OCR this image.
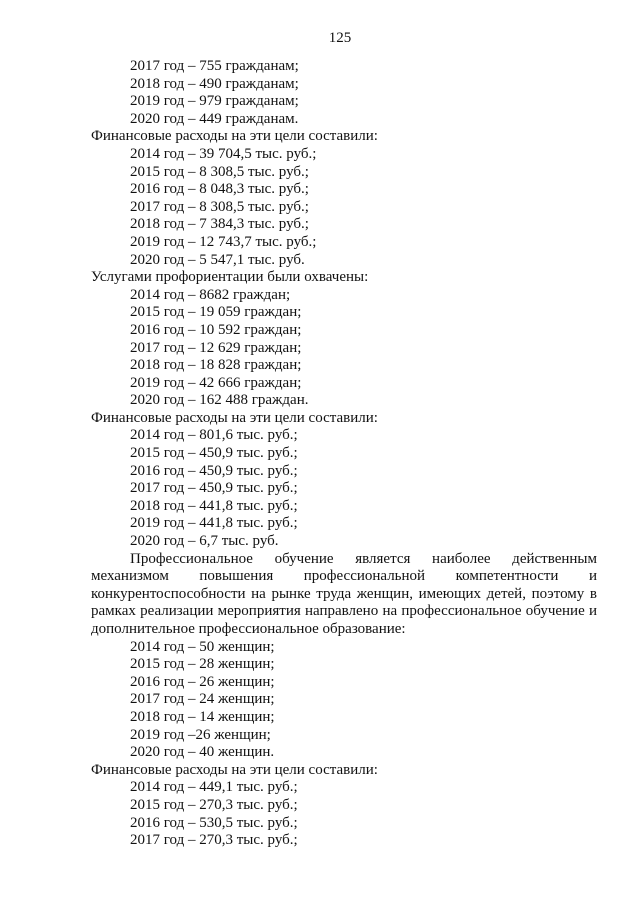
125
2017 год – 755 гражданам;
2018 год – 490 гражданам;
2019 год – 979 гражданам;
2020 год – 449 гражданам.
Финансовые расходы на эти цели составили:
2014 год – 39 704,5 тыс. руб.;
2015 год – 8 308,5 тыс. руб.;
2016 год – 8 048,3 тыс. руб.;
2017 год – 8 308,5 тыс. руб.;
2018 год – 7 384,3 тыс. руб.;
2019 год – 12 743,7 тыс. руб.;
2020 год – 5 547,1 тыс. руб.
Услугами профориентации были охвачены:
2014 год – 8682 граждан;
2015 год – 19 059 граждан;
2016 год – 10 592 граждан;
2017 год – 12 629 граждан;
2018 год – 18 828 граждан;
2019 год – 42 666 граждан;
2020 год – 162 488 граждан.
Финансовые расходы на эти цели составили:
2014 год – 801,6 тыс. руб.;
2015 год – 450,9 тыс. руб.;
2016 год – 450,9 тыс. руб.;
2017 год – 450,9 тыс. руб.;
2018 год – 441,8 тыс. руб.;
2019 год – 441,8 тыс. руб.;
2020 год – 6,7 тыс. руб.
Профессиональное обучение является наиболее действенным
механизмом повышения профессиональной компетентности и
конкурентоспособности на рынке труда женщин, имеющих детей, поэтому в
рамках реализации мероприятия направлено на профессиональное обучение и
дополнительное профессиональное образование:
2014 год – 50 женщин;
2015 год – 28 женщин;
2016 год – 26 женщин;
2017 год – 24 женщин;
2018 год – 14 женщин;
2019 год –26 женщин;
2020 год – 40 женщин.
Финансовые расходы на эти цели составили:
2014 год – 449,1 тыс. руб.;
2015 год – 270,3 тыс. руб.;
2016 год – 530,5 тыс. руб.;
2017 год – 270,3 тыс. руб.;
